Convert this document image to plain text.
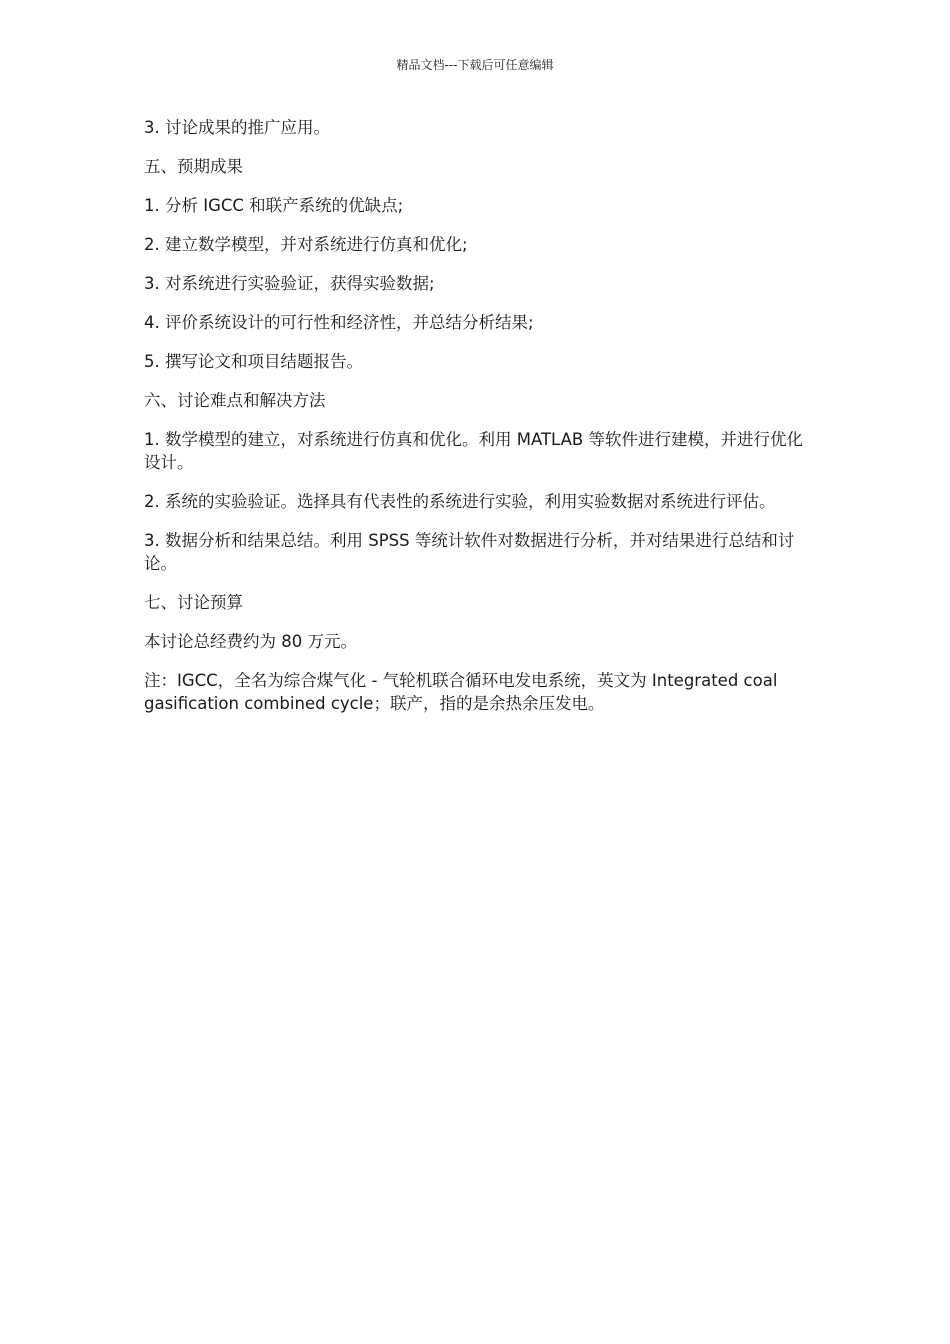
精品文档---下载后可任意编辑

3. 讨论成果的推广应用。

五、预期成果

1. 分析 IGCC 和联产系统的优缺点;

2. 建立数学模型，并对系统进行仿真和优化;

3. 对系统进行实验验证，获得实验数据;

4. 评价系统设计的可行性和经济性，并总结分析结果;

5. 撰写论文和项目结题报告。

六、讨论难点和解决方法

1. 数学模型的建立，对系统进行仿真和优化。利用 MATLAB 等软件进行建模，并进行优化设计。

2. 系统的实验验证。选择具有代表性的系统进行实验，利用实验数据对系统进行评估。

3. 数据分析和结果总结。利用 SPSS 等统计软件对数据进行分析，并对结果进行总结和讨论。

七、讨论预算

本讨论总经费约为 80 万元。

注：IGCC，全名为综合煤气化 - 气轮机联合循环电发电系统，英文为 Integrated coal gasification combined cycle；联产，指的是余热余压发电。
